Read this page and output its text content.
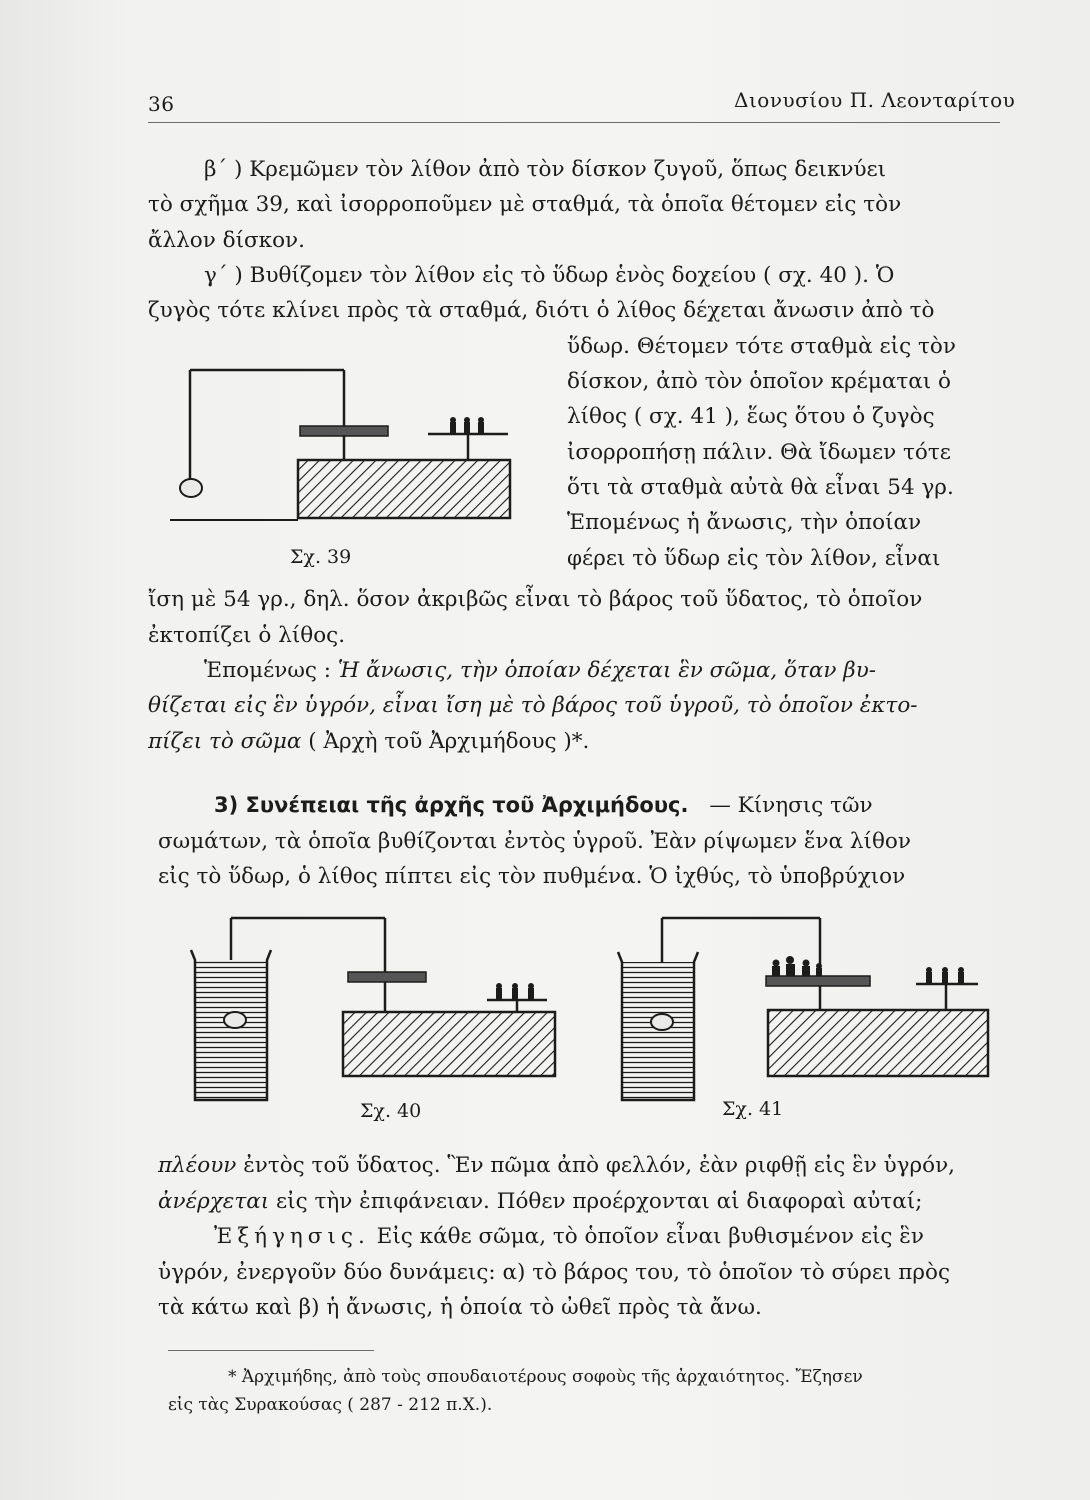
36	Διονυσίου Π. Λεονταρίτου
β΄ ) Κρεμῶμεν τὸν λίθον ἀπὸ τὸν δίσκον ζυγοῦ, ὅπως δεικνύει
τὸ σχῆμα 39, καὶ ἰσορροποῦμεν μὲ σταθμά, τὰ ὁποῖα θέτομεν εἰς τὸν
ἄλλον δίσκον.
γ΄ ) Βυθίζομεν τὸν λίθον εἰς τὸ ὕδωρ ἑνὸς δοχείου ( σχ. 40 ). Ὁ
ζυγὸς τότε κλίνει πρὸς τὰ σταθμά, διότι ὁ λίθος δέχεται ἄνωσιν ἀπὸ τὸ
ὕδωρ. Θέτομεν τότε σταθμὰ εἰς τὸν
δίσκον, ἀπὸ τὸν ὁποῖον κρέμαται ὁ
λίθος ( σχ. 41 ), ἕως ὅτου ὁ ζυγὸς
ἰσορροπήσῃ πάλιν. Θὰ ἴδωμεν τότε
ὅτι τὰ σταθμὰ αὐτὰ θὰ εἶναι 54 γρ.
Ἑπομένως ἡ ἄνωσις, τὴν ὁποίαν
φέρει τὸ ὕδωρ εἰς τὸν λίθον, εἶναι
Σχ. 39
ἴση μὲ 54 γρ., δηλ. ὅσον ἀκριβῶς εἶναι τὸ βάρος τοῦ ὕδατος, τὸ ὁποῖον
ἐκτοπίζει ὁ λίθος.
Ἑπομένως : Ἡ ἄνωσις, τὴν ὁποίαν δέχεται ἓν σῶμα, ὅταν βυ-
θίζεται εἰς ἓν ὑγρόν, εἶναι ἴση μὲ τὸ βάρος τοῦ ὑγροῦ, τὸ ὁποῖον ἐκτο-
πίζει τὸ σῶμα ( Ἀρχὴ τοῦ Ἀρχιμήδους )*.
3) Συνέπειαι τῆς ἀρχῆς τοῦ Ἀρχιμήδους. — Κίνησις τῶν
σωμάτων, τὰ ὁποῖα βυθίζονται ἐντὸς ὑγροῦ. Ἐὰν ρίψωμεν ἕνα λίθον
εἰς τὸ ὕδωρ, ὁ λίθος πίπτει εἰς τὸν πυθμένα. Ὁ ἰχθύς, τὸ ὑποβρύχιον
Σχ. 40	Σχ. 41
πλέουν ἐντὸς τοῦ ὕδατος. Ἓν πῶμα ἀπὸ φελλόν, ἐὰν ριφθῇ εἰς ἓν ὑγρόν,
ἀνέρχεται εἰς τὴν ἐπιφάνειαν. Πόθεν προέρχονται αἱ διαφοραὶ αὐταί;
Ἐξήγησις. Εἰς κάθε σῶμα, τὸ ὁποῖον εἶναι βυθισμένον εἰς ἓν
ὑγρόν, ἐνεργοῦν δύο δυνάμεις: α) τὸ βάρος του, τὸ ὁποῖον τὸ σύρει πρὸς
τὰ κάτω καὶ β) ἡ ἄνωσις, ἡ ὁποία τὸ ὠθεῖ πρὸς τὰ ἄνω.
* Ἀρχιμήδης, ἀπὸ τοὺς σπουδαιοτέρους σοφοὺς τῆς ἀρχαιότητος. Ἔζησεν
εἰς τὰς Συρακούσας ( 287 - 212 π.Χ.).
